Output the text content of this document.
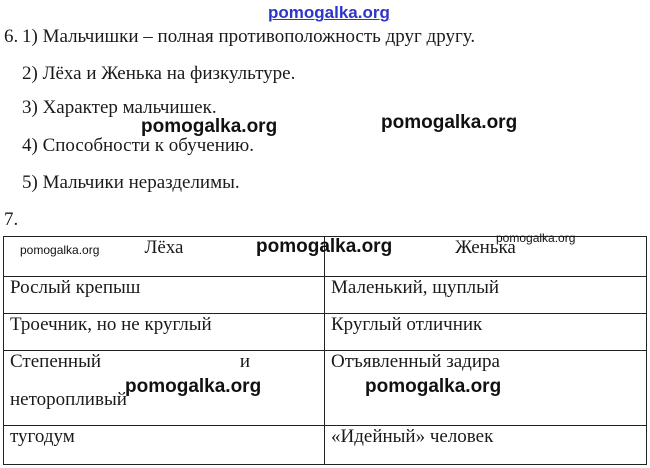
pomogalka.org
6. 1) Мальчишки – полная противоположность друг другу.
2) Лёха и Женька на физкультуре.
3) Характер мальчишек.
4) Способности к обучению.
5) Мальчики неразделимы.
7.
Лёха	Женька
Рослый крепыш	Маленький, щуплый
Троечник, но не круглый	Круглый отличник

Степенный и
неторопливый	Отъявленный задира
тугодум	«Идейный» человек
pomogalka.org	pomogalka.org
pomogalka.org
pomogalka.org
pomogalka.org
pomogalka.org	pomogalka.org
